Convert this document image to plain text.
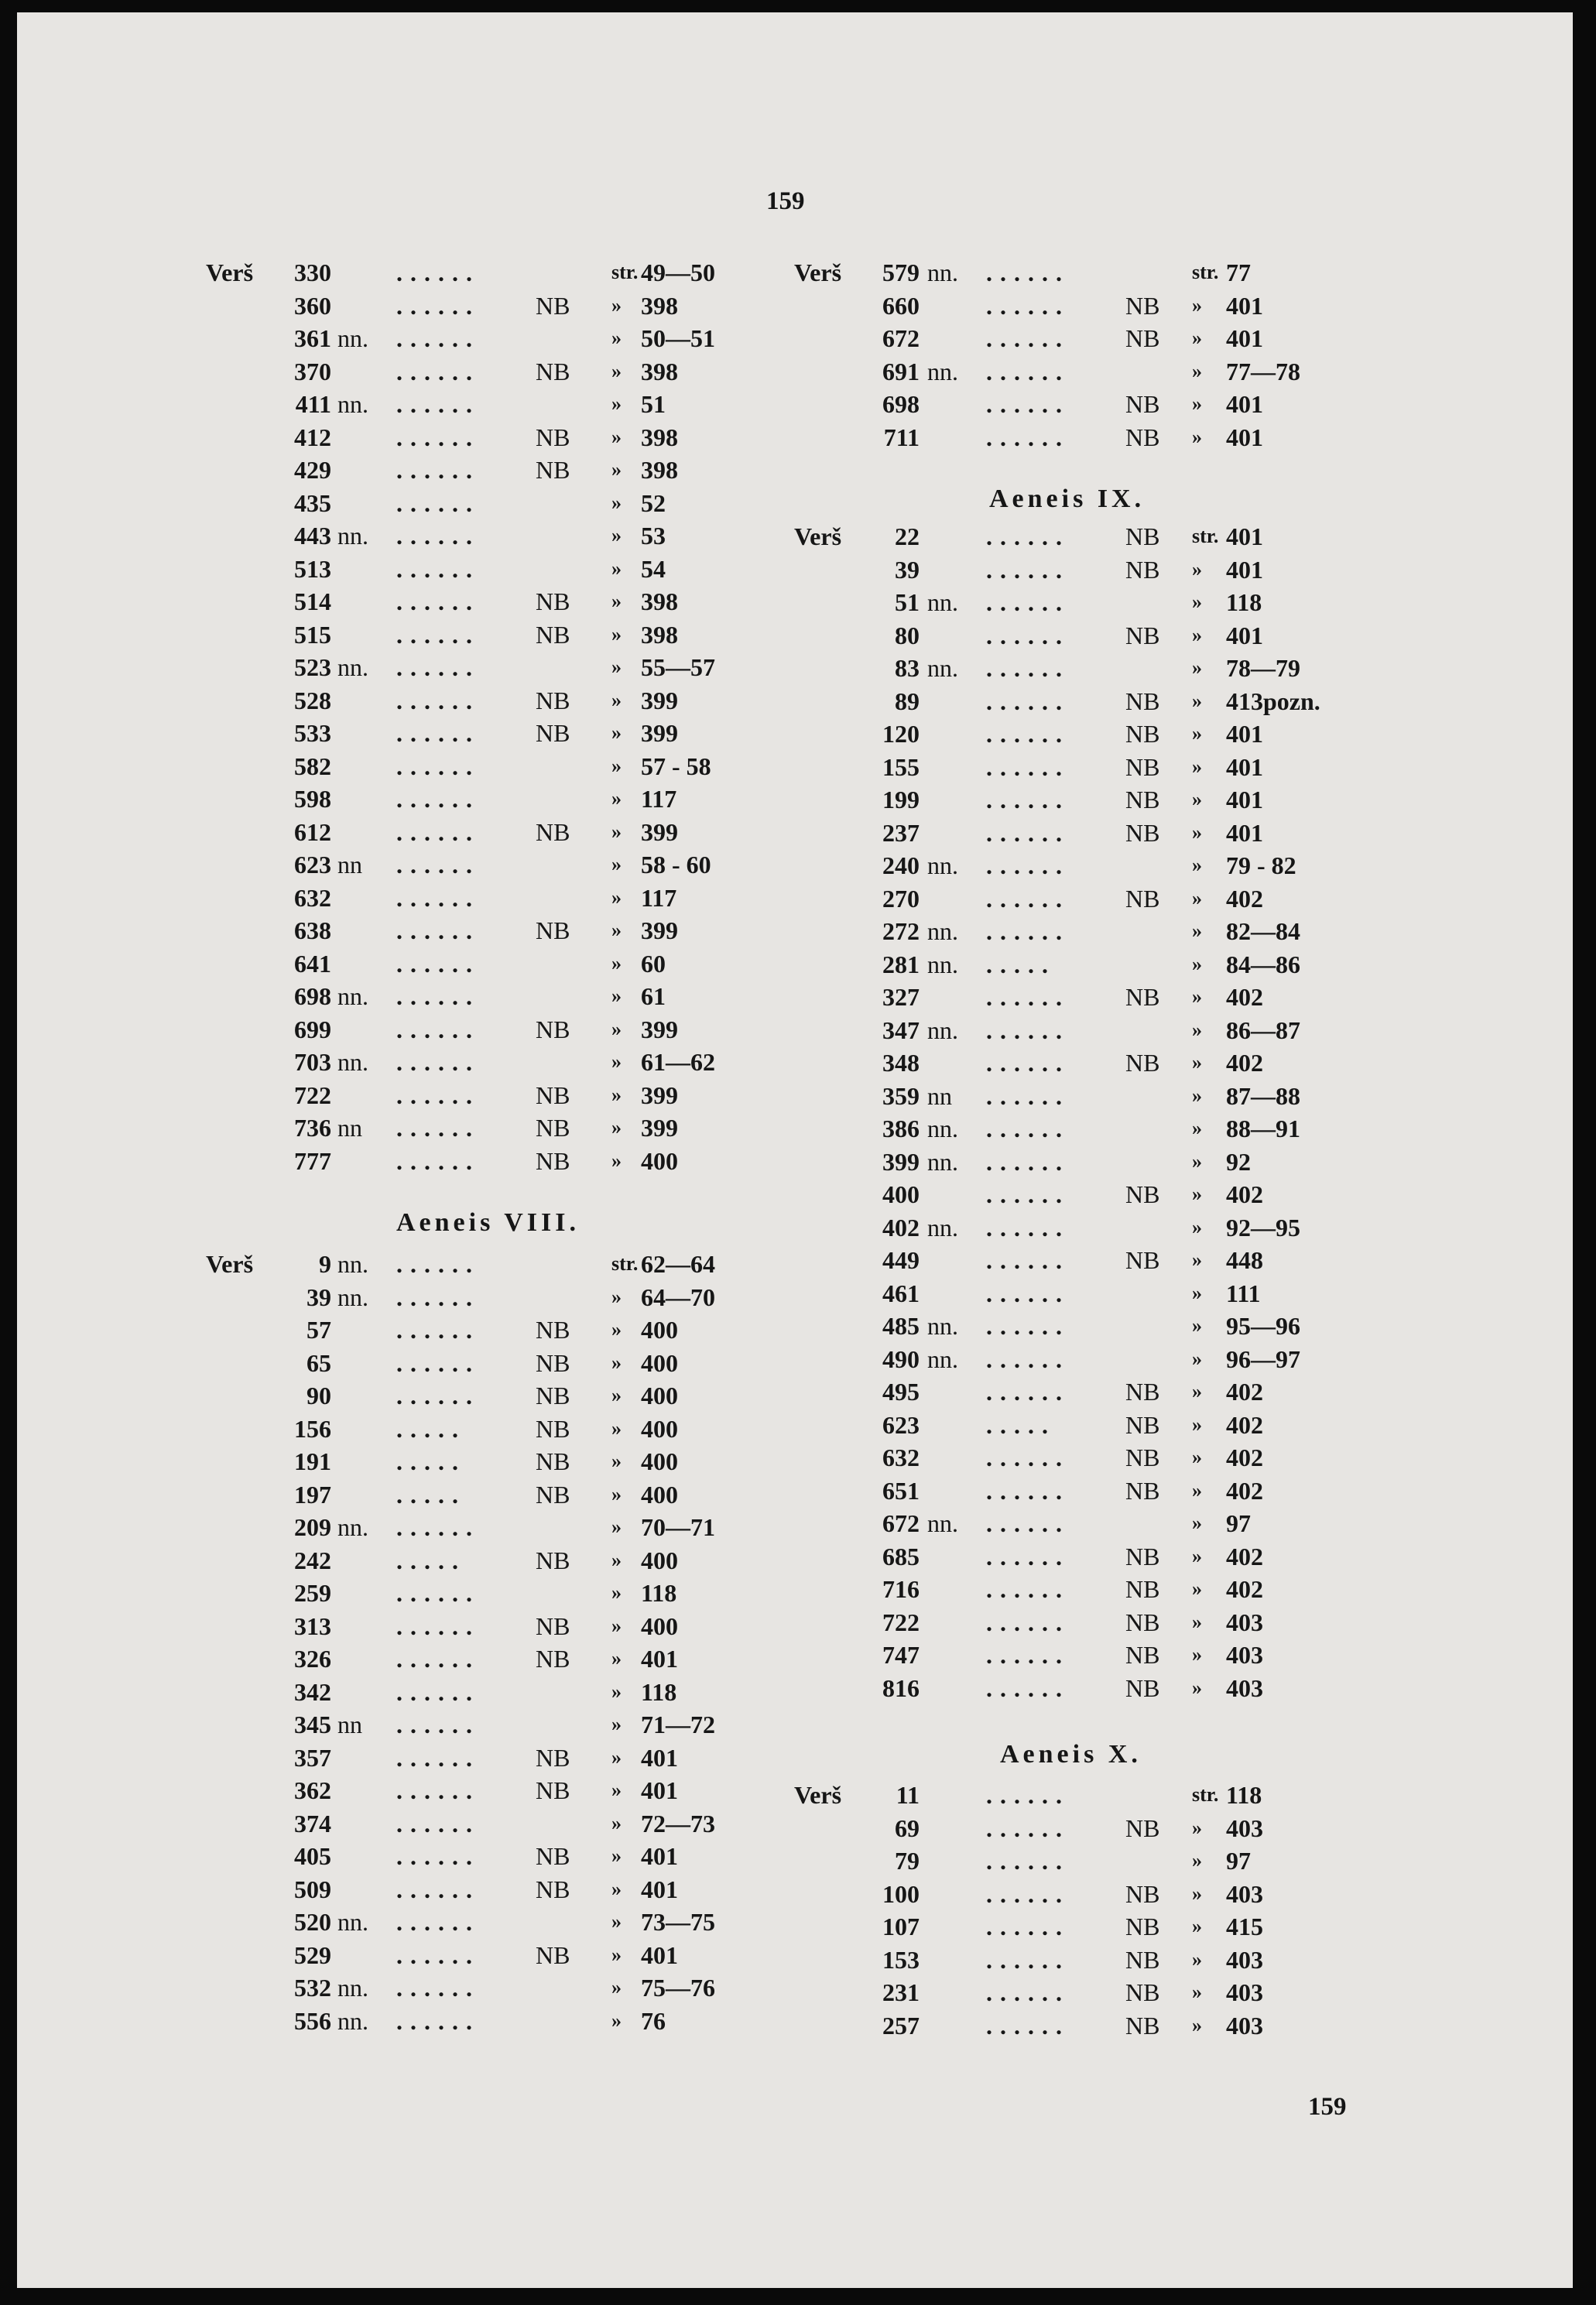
159
Verš 330	......	str. 49—50
360	...... NB » 398
361 nn. ......	» 50—51
370	...... NB » 398
411 nn. ......	» 51
412	...... NB » 398
429	...... NB » 398
435	......	» 52
443 nn. ......	» 53
513	......	» 54
514	...... NB » 398
515	...... NB » 398
523 nn. ......	» 55—57
528	...... NB » 399
533	...... NB » 399
582	......	» 57 - 58
598	......	» 117
612	...... NB » 399
623 nn ......	» 58 - 60
632	......	» 117
638	...... NB » 399
641	......	» 60
698 nn. ......	» 61
699	...... NB » 399
703 nn. ......	» 61—62
722	...... NB » 399
736 nn ...... NB » 399
777	...... NB » 400
Verš	9 nn. ......	str. 62—64
39 nn. ......	» 64—70
57	...... NB » 400
65	...... NB » 400
90	...... NB » 400
156	.....	NB » 400
191	.....	NB » 400
197	.....	NB » 400
209 nn. ......	» 70—71
242	.....	NB » 400
259	......	» 118
313	...... NB » 400
326	...... NB » 401
342	......	» 118
345 nn ......	» 71—72
357	...... NB » 401
362	...... NB » 401
374	......	» 72—73
405	...... NB » 401
509	...... NB » 401
520 nn. ......	» 73—75
529	...... NB » 401
532 nn. ......	» 75—76
556 nn. ......	» 76
Aeneis VIII.
Verš 579 nn. ......	str. 77
660	...... NB » 401
672	...... NB » 401
691 nn. ......	» 77—78
698	...... NB » 401
711	...... NB » 401
Verš 22	...... NB str. 401
39	...... NB » 401
51 nn. ......	» 118
80	...... NB » 401
83 nn. ......	» 78—79
89	...... NB » 413pozn.
120	...... NB » 401
155	...... NB » 401
199	...... NB » 401
237	...... NB » 401
240 nn. ......	» 79 - 82
270	...... NB » 402
272 nn. ......	» 82—84
281 nn. .....	» 84—86
327	...... NB » 402
347 nn. ......	» 86—87
348	...... NB » 402
359 nn ......	» 87—88
386 nn. ......	» 88—91
399 nn. ......	» 92
400	...... NB » 402
402 nn. ......	» 92—95
449	...... NB » 448
461	......	» 111
485 nn. ......	» 95—96
490 nn. ......	» 96—97
495	...... NB » 402
623	.....	NB » 402
632	...... NB » 402
651	...... NB » 402
672 nn. ......	» 97
685	...... NB » 402
716	...... NB » 402
722	...... NB » 403
747	...... NB » 403
816	...... NB » 403
Verš 11	......	str. 118
69	...... NB » 403
79	......	» 97
100	...... NB » 403
107	...... NB » 415
153	...... NB » 403
231	...... NB » 403
257	...... NB » 403
Aeneis IX.
Aeneis X.
159
